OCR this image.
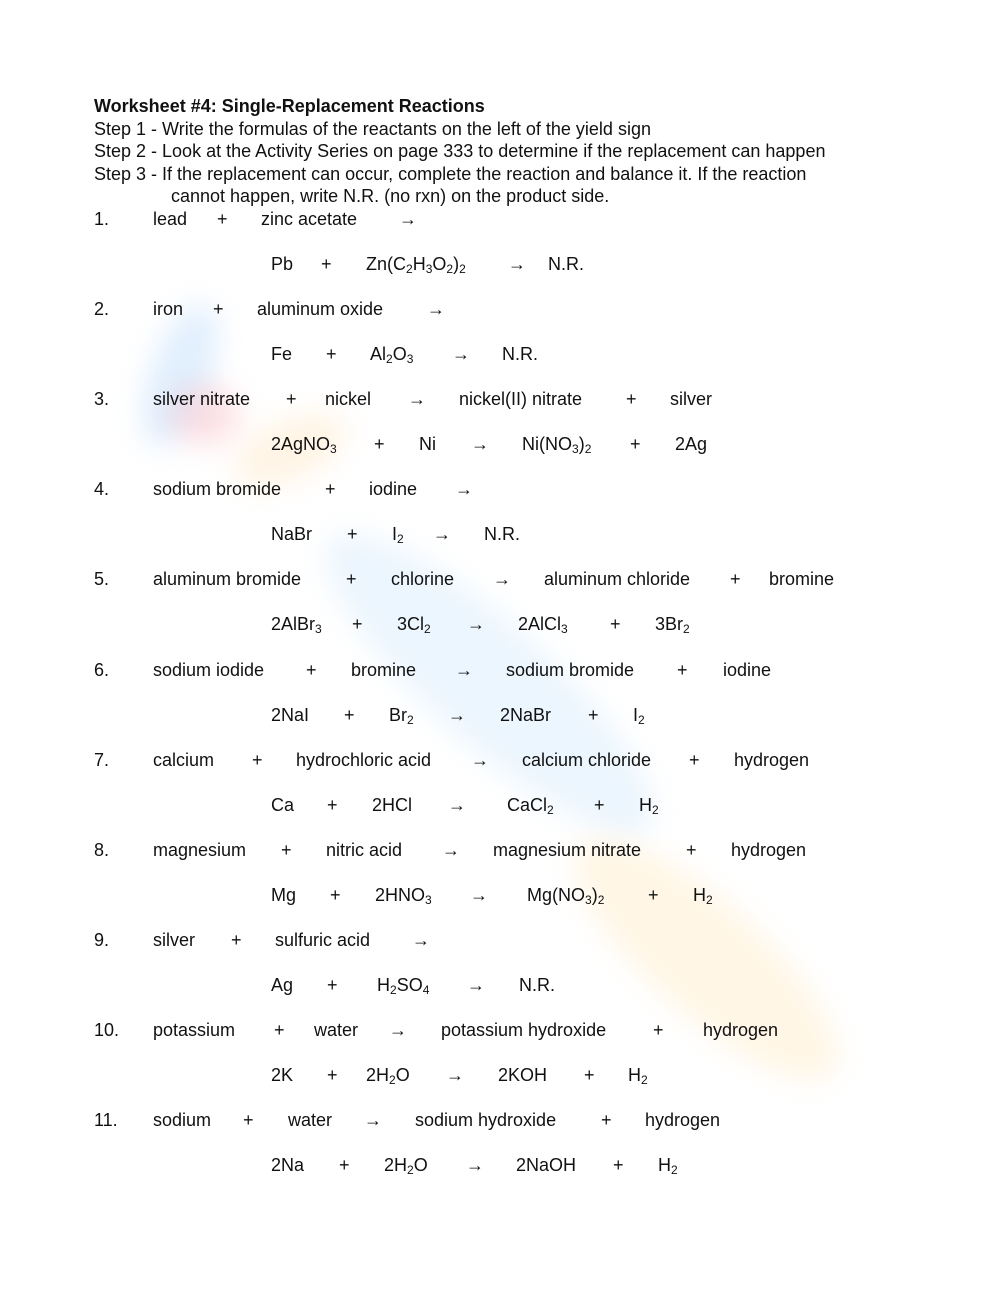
Worksheet #4: Single-Replacement Reactions
Step 1 - Write the formulas of the reactants on the left of the yield sign
Step 2 - Look at the Activity Series on page 333 to determine if the replacement can happen
Step 3 - If the replacement can occur, complete the reaction and balance it. If the reaction
cannot happen, write N.R. (no rxn) on the product side.
1. lead + zinc acetate →
$Pb + Zn(C_2H_3O_2)_2 \to N.R$.
2. iron + aluminum oxide →
$Fe + Al_2O_3 \to N.R$.
3. silver nitrate + nickel → nickel(II) nitrate + silver
2AgNO$_3$ + $Ni \to Ni(NO_3)_2 + 2Ag$
4. sodium bromide + iodine →
NaBr + $I_2 \to N.R$.
5. aluminum bromide + chlorine → aluminum chloride + bromine
2AlBr$_3$ + $3Cl_2$ → 2AlCl$_3$ + $3Br_2$
6. sodium iodide + bromine → sodium bromide + iodine
$2NaI + Br_2$ → 2NaBr + $I_2$
7. calcium + hydrochloric acid → calcium chloride + hydrogen
Ca + 2HCl → CaCl$_2$ + $H_2$
8. magnesium + nitric acid → magnesium nitrate + hydrogen
$Mg + 2HNO_3 \to Mg(NO_3)_2 + H_2$
9. silver + sulfuric acid →
$Ag + H_2SO_4 \to N.R$.
10. potassium + water → potassium hydroxide	+ hydrogen
$2K + 2H_2O \to 2KOH + H_2$
11. sodium + water → sodium hydroxide + hydrogen
$2Na + 2H_2O$ → 2NaOH + $H_2$
